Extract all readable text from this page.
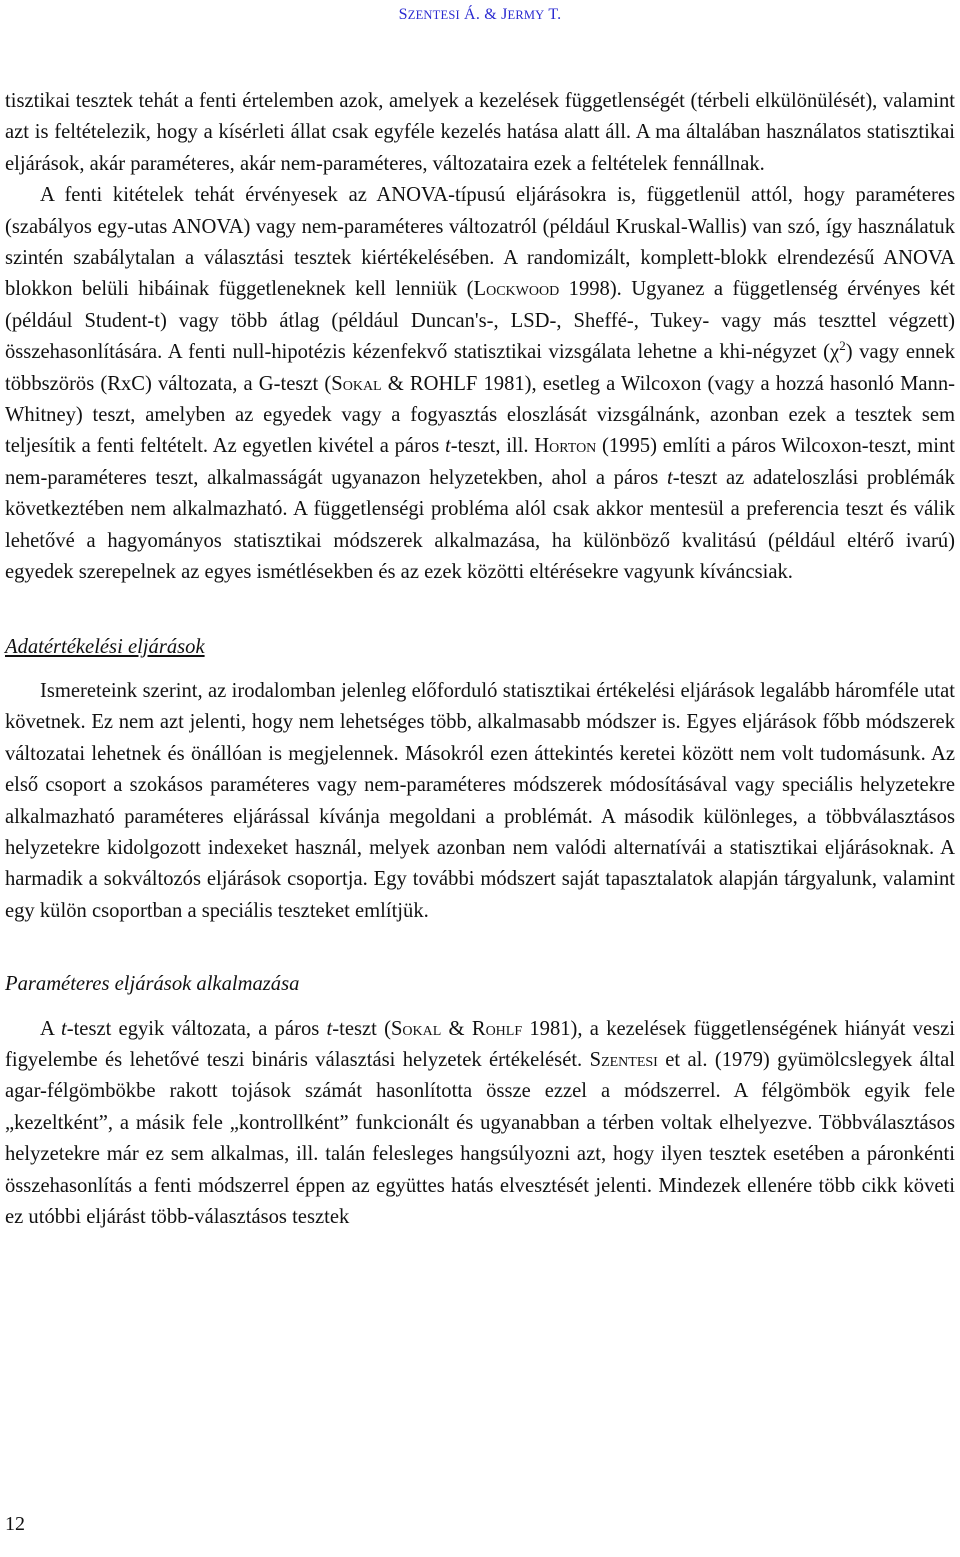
SZENTESI Á. & JERMY T.

tisztikai tesztek tehát a fenti értelemben azok, amelyek a kezelések függetlenségét (térbeli elkülönülését), valamint azt is feltételezik, hogy a kísérleti állat csak egyféle kezelés hatása alatt áll. A ma általában használatos statisztikai eljárások, akár paraméteres, akár nem-paraméteres, változataira ezek a feltételek fennállnak.

A fenti kitételek tehát érvényesek az ANOVA-típusú eljárásokra is, függetlenül attól, hogy paraméteres (szabályos egy-utas ANOVA) vagy nem-paraméteres változatról (például Kruskal-Wallis) van szó, így használatuk szintén szabálytalan a választási tesztek kiértékelésében. A randomizált, komplett-blokk elrendezésű ANOVA blokkon belüli hibáinak függetleneknek kell lenniük (Lockwood 1998). Ugyanez a függetlenség érvényes két (például Student-t) vagy több átlag (például Duncan's-, LSD-, Sheffé-, Tukey- vagy más teszttel végzett) összehasonlítására. A fenti null-hipotézis kézenfekvő statisztikai vizsgálata lehetne a khi-négyzet $(\chi^2)$ vagy ennek többszörös (RxC) változata, a G-teszt (Sokal & ROHLF 1981), esetleg a Wilcoxon (vagy a hozzá hasonló Mann-Whitney) teszt, amelyben az egyedek vagy a fogyasztás eloszlását vizsgálnánk, azonban ezek a tesztek sem teljesítik a fenti feltételt. Az egyetlen kivétel a páros t-teszt, ill. Horton (1995) említi a páros Wilcoxon-teszt, mint nem-paraméteres teszt, alkalmasságát ugyanazon helyzetekben, ahol a páros t-teszt az adateloszlási problémák következtében nem alkalmazható. A függetlenségi probléma alól csak akkor mentesül a preferencia teszt és válik lehetővé a hagyományos statisztikai módszerek alkalmazása, ha különböző kvalitású (például eltérő ivarú) egyedek szerepelnek az egyes ismétlésekben és az ezek közötti eltérésekre vagyunk kíváncsiak.

Adatértékelési eljárások

Ismereteink szerint, az irodalomban jelenleg előforduló statisztikai értékelési eljárások legalább háromféle utat követnek. Ez nem azt jelenti, hogy nem lehetséges több, alkalmasabb módszer is. Egyes eljárások főbb módszerek változatai lehetnek és önállóan is megjelennek. Másokról ezen áttekintés keretei között nem volt tudomásunk. Az első csoport a szokásos paraméteres vagy nem-paraméteres módszerek módosításával vagy speciális helyzetekre alkalmazható paraméteres eljárással kívánja megoldani a problémát. A második különleges, a többválasztásos helyzetekre kidolgozott indexeket használ, melyek azonban nem valódi alternatívái a statisztikai eljárásoknak. A harmadik a sokváltozós eljárások csoportja. Egy további módszert saját tapasztalatok alapján tárgyalunk, valamint egy külön csoportban a speciális teszteket említjük.

Paraméteres eljárások alkalmazása

A t-teszt egyik változata, a páros t-teszt (Sokal & Rohlf 1981), a kezelések függetlenségének hiányát veszi figyelembe és lehetővé teszi bináris választási helyzetek értékelését. Szentesi et al. (1979) gyümölcslegyek által agar-félgömbökbe rakott tojások számát hasonlította össze ezzel a módszerrel. A félgömbök egyik fele „kezeltként”, a másik fele „kontrollként” funkcionált és ugyanabban a térben voltak elhelyezve. Többválasztásos helyzetekre már ez sem alkalmas, ill. talán felesleges hangsúlyozni azt, hogy ilyen tesztek esetében a páronkénti összehasonlítás a fenti módszerrel éppen az együttes hatás elvesztését jelenti. Mindezek ellenére több cikk követi ez utóbbi eljárást több-választásos tesztek

12
